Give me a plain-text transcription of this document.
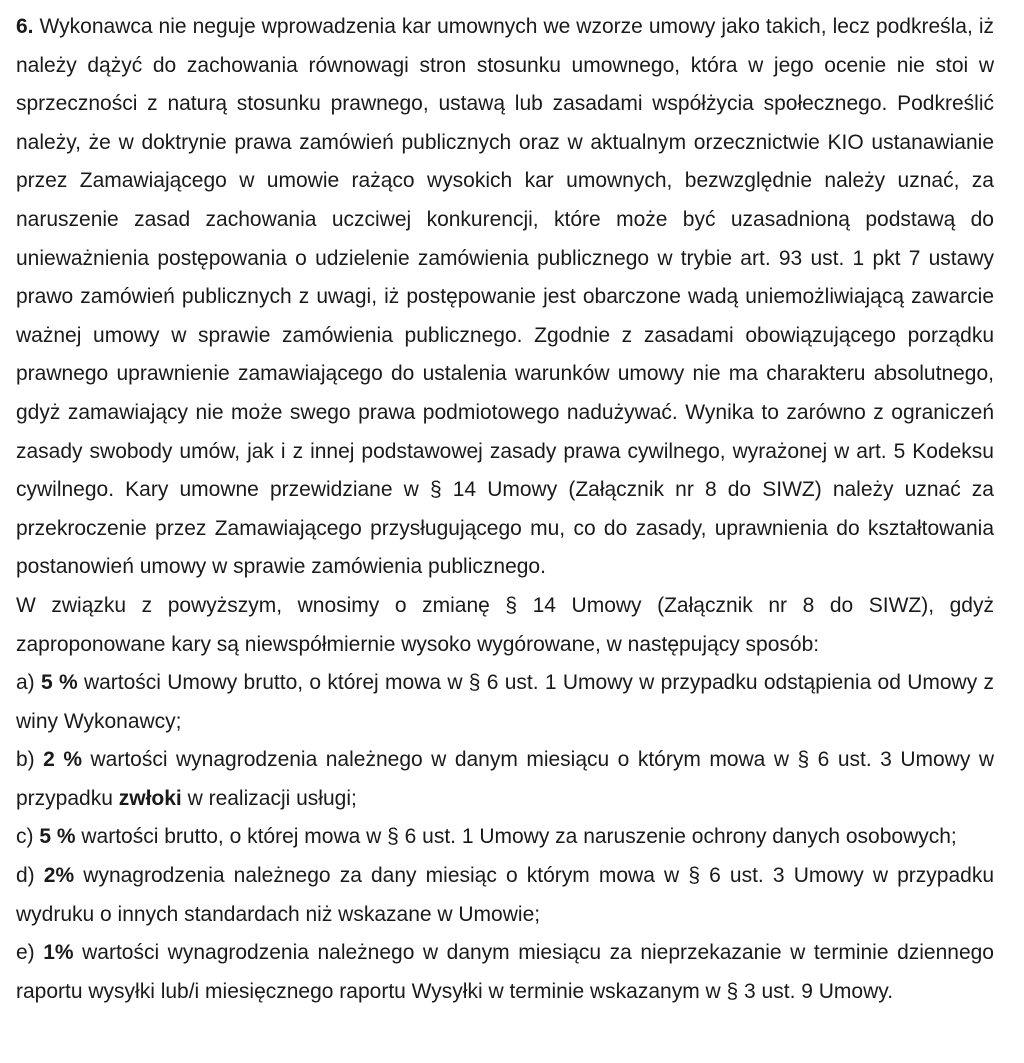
6. Wykonawca nie neguje wprowadzenia kar umownych we wzorze umowy jako takich, lecz podkreśla, iż należy dążyć do zachowania równowagi stron stosunku umownego, która w jego ocenie nie stoi w sprzeczności z naturą stosunku prawnego, ustawą lub zasadami współżycia społecznego. Podkreślić należy, że w doktrynie prawa zamówień publicznych oraz w aktualnym orzecznictwie KIO ustanawianie przez Zamawiającego w umowie rażąco wysokich kar umownych, bezwzględnie należy uznać, za naruszenie zasad zachowania uczciwej konkurencji, które może być uzasadnioną podstawą do unieważnienia postępowania o udzielenie zamówienia publicznego w trybie art. 93 ust. 1 pkt 7 ustawy prawo zamówień publicznych z uwagi, iż postępowanie jest obarczone wadą uniemożliwiającą zawarcie ważnej umowy w sprawie zamówienia publicznego. Zgodnie z zasadami obowiązującego porządku prawnego uprawnienie zamawiającego do ustalenia warunków umowy nie ma charakteru absolutnego, gdyż zamawiający nie może swego prawa podmiotowego nadużywać. Wynika to zarówno z ograniczeń zasady swobody umów, jak i z innej podstawowej zasady prawa cywilnego, wyrażonej w art. 5 Kodeksu cywilnego. Kary umowne przewidziane w § 14 Umowy (Załącznik nr 8 do SIWZ) należy uznać za przekroczenie przez Zamawiającego przysługującego mu, co do zasady, uprawnienia do kształtowania postanowień umowy w sprawie zamówienia publicznego.

W związku z powyższym, wnosimy o zmianę § 14 Umowy (Załącznik nr 8 do SIWZ), gdyż zaproponowane kary są niewspółmiernie wysoko wygórowane, w następujący sposób:

a) 5 % wartości Umowy brutto, o której mowa w § 6 ust. 1 Umowy w przypadku odstąpienia od Umowy z winy Wykonawcy;

b) 2 % wartości wynagrodzenia należnego w danym miesiącu o którym mowa w § 6 ust. 3 Umowy w przypadku zwłoki w realizacji usługi;

c) 5 % wartości brutto, o której mowa w § 6 ust. 1 Umowy za naruszenie ochrony danych osobowych;

d) 2% wynagrodzenia należnego za dany miesiąc o którym mowa w § 6 ust. 3 Umowy w przypadku wydruku o innych standardach niż wskazane w Umowie;

e) 1% wartości wynagrodzenia należnego w danym miesiącu za nieprzekazanie w terminie dziennego raportu wysyłki lub/i miesięcznego raportu Wysyłki w terminie wskazanym w § 3 ust. 9 Umowy.
